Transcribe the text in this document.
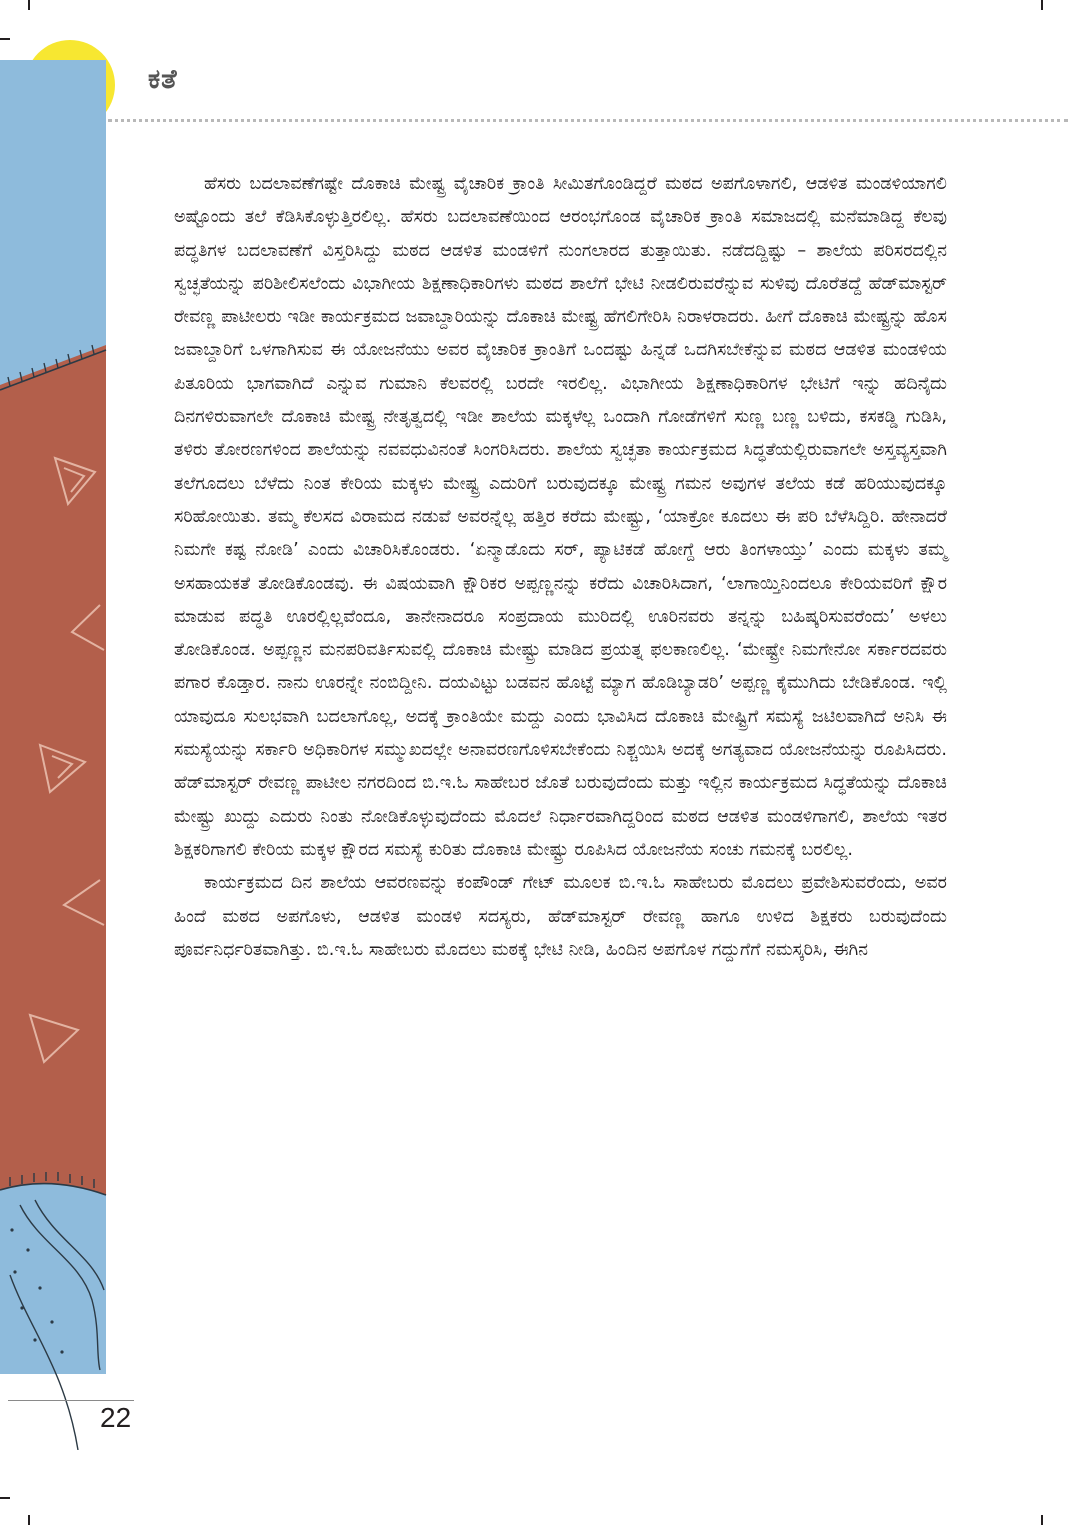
ಕತೆ

ಹೆಸರು ಬದಲಾವಣೆಗಷ್ಟೇ ದೊಕಾಚಿ ಮೇಷ್ಟ್ರ ವೈಚಾರಿಕ ಕ್ರಾಂತಿ ಸೀಮಿತಗೊಂಡಿದ್ದರೆ ಮಠದ ಅಪಗೊಳಾಗಲಿ, ಆಡಳಿತ ಮಂಡಳಿಯಾಗಲಿ ಅಷ್ಟೊಂದು ತಲೆ ಕೆಡಿಸಿಕೊಳ್ಳುತ್ತಿರಲಿಲ್ಲ. ಹೆಸರು ಬದಲಾವಣೆಯಿಂದ ಆರಂಭಗೊಂಡ ವೈಚಾರಿಕ ಕ್ರಾಂತಿ ಸಮಾಜದಲ್ಲಿ ಮನೆಮಾಡಿದ್ದ ಕೆಲವು ಪದ್ಧತಿಗಳ ಬದಲಾವಣೆಗೆ ವಿಸ್ತರಿಸಿದ್ದು ಮಠದ ಆಡಳಿತ ಮಂಡಳಿಗೆ ನುಂಗಲಾರದ ತುತ್ತಾಯಿತು. ನಡೆದದ್ದಿಷ್ಟು – ಶಾಲೆಯ ಪರಿಸರದಲ್ಲಿನ ಸ್ವಚ್ಛತೆಯನ್ನು ಪರಿಶೀಲಿಸಲೆಂದು ವಿಭಾಗೀಯ ಶಿಕ್ಷಣಾಧಿಕಾರಿಗಳು ಮಠದ ಶಾಲೆಗೆ ಭೇಟಿ ನೀಡಲಿರುವರೆನ್ನುವ ಸುಳಿವು ದೊರೆತದ್ದೆ ಹೆಡ್‌ಮಾಸ್ಟರ್ ರೇವಣ್ಣ ಪಾಟೀಲರು ಇಡೀ ಕಾರ್ಯಕ್ರಮದ ಜವಾಬ್ದಾರಿಯನ್ನು ದೊಕಾಚಿ ಮೇಷ್ಟ್ರ ಹೆಗಲಿಗೇರಿಸಿ ನಿರಾಳರಾದರು. ಹೀಗೆ ದೊಕಾಚಿ ಮೇಷ್ಟ್ರನ್ನು ಹೊಸ ಜವಾಬ್ದಾರಿಗೆ ಒಳಗಾಗಿಸುವ ಈ ಯೋಜನೆಯು ಅವರ ವೈಚಾರಿಕ ಕ್ರಾಂತಿಗೆ ಒಂದಷ್ಟು ಹಿನ್ನಡೆ ಒದಗಿಸಬೇಕೆನ್ನುವ ಮಠದ ಆಡಳಿತ ಮಂಡಳಿಯ ಪಿತೂರಿಯ ಭಾಗವಾಗಿದೆ ಎನ್ನುವ ಗುಮಾನಿ ಕೆಲವರಲ್ಲಿ ಬರದೇ ಇರಲಿಲ್ಲ. ವಿಭಾಗೀಯ ಶಿಕ್ಷಣಾಧಿಕಾರಿಗಳ ಭೇಟಿಗೆ ಇನ್ನು ಹದಿನೈದು ದಿನಗಳಿರುವಾಗಲೇ ದೊಕಾಚಿ ಮೇಷ್ಟ್ರ ನೇತೃತ್ವದಲ್ಲಿ ಇಡೀ ಶಾಲೆಯ ಮಕ್ಕಳೆಲ್ಲ ಒಂದಾಗಿ ಗೋಡೆಗಳಿಗೆ ಸುಣ್ಣ ಬಣ್ಣ ಬಳಿದು, ಕಸಕಡ್ಡಿ ಗುಡಿಸಿ, ತಳಿರು ತೋರಣಗಳಿಂದ ಶಾಲೆಯನ್ನು ನವವಧುವಿನಂತೆ ಸಿಂಗರಿಸಿದರು. ಶಾಲೆಯ ಸ್ವಚ್ಛತಾ ಕಾರ್ಯಕ್ರಮದ ಸಿದ್ಧತೆಯಲ್ಲಿರುವಾಗಲೇ ಅಸ್ತವ್ಯಸ್ತವಾಗಿ ತಲೆಗೂದಲು ಬೆಳೆದು ನಿಂತ ಕೇರಿಯ ಮಕ್ಕಳು ಮೇಷ್ಟ್ರ ಎದುರಿಗೆ ಬರುವುದಕ್ಕೂ ಮೇಷ್ಟ್ರ ಗಮನ ಅವುಗಳ ತಲೆಯ ಕಡೆ ಹರಿಯುವುದಕ್ಕೂ ಸರಿಹೋಯಿತು. ತಮ್ಮ ಕೆಲಸದ ವಿರಾಮದ ನಡುವೆ ಅವರನ್ನೆಲ್ಲ ಹತ್ತಿರ ಕರೆದು ಮೇಷ್ಟ್ರು, ‘ಯಾಕ್ರೋ ಕೂದಲು ಈ ಪರಿ ಬೆಳೆಸಿದ್ದಿರಿ. ಹೇನಾದರೆ ನಿಮಗೇ ಕಷ್ಟ ನೋಡಿ’ ಎಂದು ವಿಚಾರಿಸಿಕೊಂಡರು. ‘ಏನ್ಮಾಡೊದು ಸರ್, ಪ್ಯಾಟಿಕಡೆ ಹೋಗ್ದೆ ಆರು ತಿಂಗಳಾಯ್ತು’ ಎಂದು ಮಕ್ಕಳು ತಮ್ಮ ಅಸಹಾಯಕತೆ ತೋಡಿಕೊಂಡವು. ಈ ವಿಷಯವಾಗಿ ಕ್ಷೌರಿಕರ ಅಪ್ಪಣ್ಣನನ್ನು ಕರೆದು ವಿಚಾರಿಸಿದಾಗ, ‘ಲಾಗಾಯ್ತಿನಿಂದಲೂ ಕೇರಿಯವರಿಗೆ ಕ್ಷೌರ ಮಾಡುವ ಪದ್ಧತಿ ಊರಲ್ಲಿಲ್ಲವೆಂದೂ, ತಾನೇನಾದರೂ ಸಂಪ್ರದಾಯ ಮುರಿದಲ್ಲಿ ಊರಿನವರು ತನ್ನನ್ನು ಬಹಿಷ್ಕರಿಸುವರೆಂದು’ ಅಳಲು ತೋಡಿಕೊಂಡ. ಅಪ್ಪಣ್ಣನ ಮನಪರಿವರ್ತಿಸುವಲ್ಲಿ ದೊಕಾಚಿ ಮೇಷ್ಟ್ರು ಮಾಡಿದ ಪ್ರಯತ್ನ ಫಲಕಾಣಲಿಲ್ಲ. ‘ಮೇಷ್ಟ್ರೇ ನಿಮಗೇನೋ ಸರ್ಕಾರದವರು ಪಗಾರ ಕೊಡ್ತಾರ. ನಾನು ಊರನ್ನೇ ನಂಬಿದ್ದೀನಿ. ದಯವಿಟ್ಟು ಬಡವನ ಹೊಟ್ಟೆ ಮ್ಯಾಗ ಹೊಡಿಬ್ಯಾಡರಿ’ ಅಪ್ಪಣ್ಣ ಕೈಮುಗಿದು ಬೇಡಿಕೊಂಡ. ಇಲ್ಲಿ ಯಾವುದೂ ಸುಲಭವಾಗಿ ಬದಲಾಗೊಲ್ಲ, ಅದಕ್ಕೆ ಕ್ರಾಂತಿಯೇ ಮದ್ದು ಎಂದು ಭಾವಿಸಿದ ದೊಕಾಚಿ ಮೇಷ್ಟ್ರಿಗೆ ಸಮಸ್ಯೆ ಜಟಿಲವಾಗಿದೆ ಅನಿಸಿ ಈ ಸಮಸ್ಯೆಯನ್ನು ಸರ್ಕಾರಿ ಅಧಿಕಾರಿಗಳ ಸಮ್ಮುಖದಲ್ಲೇ ಅನಾವರಣಗೊಳಿಸಬೇಕೆಂದು ನಿಶ್ಚಯಿಸಿ ಅದಕ್ಕೆ ಅಗತ್ಯವಾದ ಯೋಜನೆಯನ್ನು ರೂಪಿಸಿದರು. ಹೆಡ್‌ಮಾಸ್ಟರ್ ರೇವಣ್ಣ ಪಾಟೀಲ ನಗರದಿಂದ ಬಿ.ಇ.ಓ ಸಾಹೇಬರ ಜೊತೆ ಬರುವುದೆಂದು ಮತ್ತು ಇಲ್ಲಿನ ಕಾರ್ಯಕ್ರಮದ ಸಿದ್ಧತೆಯನ್ನು ದೊಕಾಚಿ ಮೇಷ್ಟ್ರು ಖುದ್ದು ಎದುರು ನಿಂತು ನೋಡಿಕೊಳ್ಳುವುದೆಂದು ಮೊದಲೆ ನಿರ್ಧಾರವಾಗಿದ್ದರಿಂದ ಮಠದ ಆಡಳಿತ ಮಂಡಳಿಗಾಗಲಿ, ಶಾಲೆಯ ಇತರ ಶಿಕ್ಷಕರಿಗಾಗಲಿ ಕೇರಿಯ ಮಕ್ಕಳ ಕ್ಷೌರದ ಸಮಸ್ಯೆ ಕುರಿತು ದೊಕಾಚಿ ಮೇಷ್ಟ್ರು ರೂಪಿಸಿದ ಯೋಜನೆಯ ಸಂಚು ಗಮನಕ್ಕೆ ಬರಲಿಲ್ಲ.

ಕಾರ್ಯಕ್ರಮದ ದಿನ ಶಾಲೆಯ ಆವರಣವನ್ನು ಕಂಪೌಂಡ್ ಗೇಟ್ ಮೂಲಕ ಬಿ.ಇ.ಓ ಸಾಹೇಬರು ಮೊದಲು ಪ್ರವೇಶಿಸುವರೆಂದು, ಅವರ ಹಿಂದೆ ಮಠದ ಅಪಗೊಳು, ಆಡಳಿತ ಮಂಡಳಿ ಸದಸ್ಯರು, ಹೆಡ್‌ಮಾಸ್ಟರ್ ರೇವಣ್ಣ ಹಾಗೂ ಉಳಿದ ಶಿಕ್ಷಕರು ಬರುವುದೆಂದು ಪೂರ್ವನಿರ್ಧರಿತವಾಗಿತ್ತು. ಬಿ.ಇ.ಓ ಸಾಹೇಬರು ಮೊದಲು ಮಠಕ್ಕೆ ಭೇಟಿ ನೀಡಿ, ಹಿಂದಿನ ಅಪಗೊಳ ಗದ್ದುಗೆಗೆ ನಮಸ್ಕರಿಸಿ, ಈಗಿನ

22
